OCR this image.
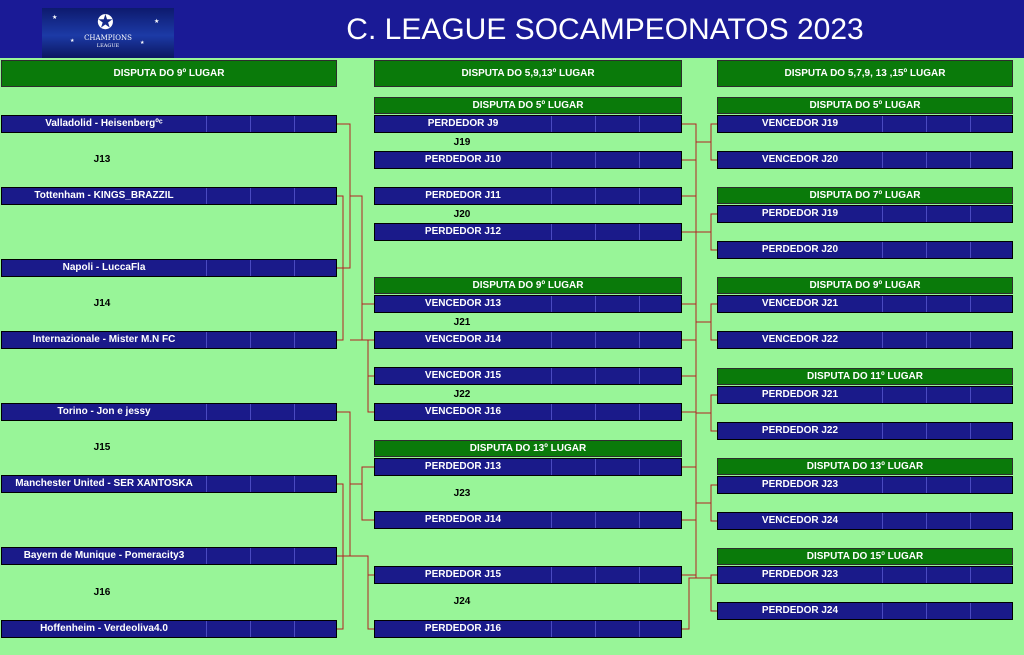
✪
★
★
★	★
CHAMPIONS
LEAGUE	C. LEAGUE SOCAMPEONATOS 2023
DISPUTA DO 9º LUGAR	DISPUTA DO 5,9,13º LUGAR	DISPUTA DO 5,7,9, 13 ,15º LUGAR
Valladolid - Heisenbergºᶜ
J13
Tottenham - KINGS_BRAZZIL
Napoli - LuccaFla
J14
Internazionale - Mister M.N FC
Torino - Jon e jessy
J15
Manchester United - SER XANTOSKA
Bayern de Munique - Pomeracity3
J16
Hoffenheim - Verdeoliva4.0
DISPUTA DO 5º LUGAR
PERDEDOR J9
J19
PERDEDOR J10
PERDEDOR J11
J20
PERDEDOR J12
DISPUTA DO 9º LUGAR
VENCEDOR J13
J21
VENCEDOR J14
VENCEDOR J15
J22
VENCEDOR J16
DISPUTA DO 13º LUGAR
PERDEDOR J13
J23
PERDEDOR J14
PERDEDOR J15
J24
PERDEDOR J16
DISPUTA DO 5º LUGAR
VENCEDOR J19
VENCEDOR J20
DISPUTA DO 7º LUGAR
PERDEDOR J19
PERDEDOR J20
DISPUTA DO 9º LUGAR
VENCEDOR J21
VENCEDOR J22
DISPUTA DO 11º LUGAR
PERDEDOR J21
PERDEDOR J22
DISPUTA DO 13º LUGAR
PERDEDOR J23
VENCEDOR J24
DISPUTA DO 15º LUGAR
PERDEDOR J23
PERDEDOR J24
